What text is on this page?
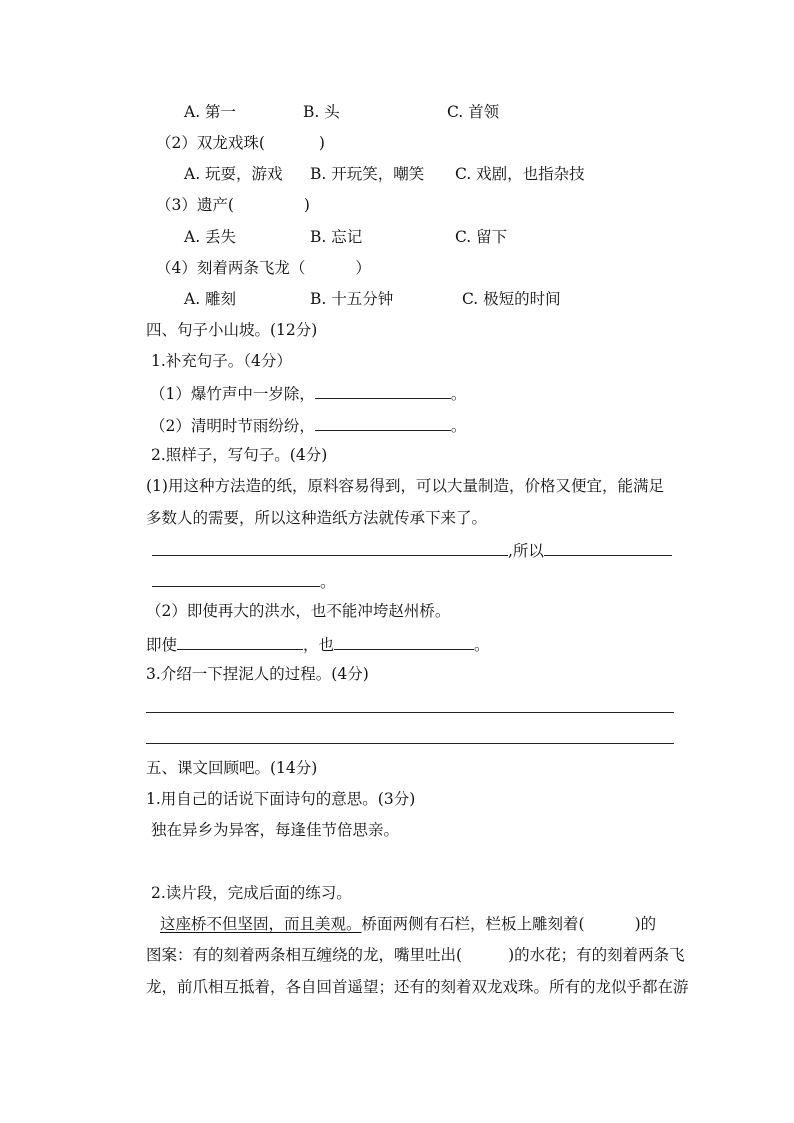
A. 第一	B. 头	C. 首领
（2）双龙戏珠(	)
A. 玩耍，游戏 B. 开玩笑，嘲笑 C. 戏剧，也指杂技
（3）遗产(	)
A. 丢失	B. 忘记	C. 留下
（4）刻着两条飞龙（	）
A. 雕刻	B. 十五分钟	C. 极短的时间
四、句子小山坡。(12分)
1.补充句子。（4分）
（1）爆竹声中一岁除，	。
（2）清明时节雨纷纷，	。
2.照样子，写句子。(4分)
(1)用这种方法造的纸，原料容易得到，可以大量制造，价格又便宜，能满足
多数人的需要，所以这种造纸方法就传承下来了。
,所以
。
（2）即使再大的洪水，也不能冲垮赵州桥。
即使	，也	。
3.介绍一下捏泥人的过程。(4分)
五、课文回顾吧。(14分)
1.用自己的话说下面诗句的意思。(3分)
独在异乡为异客，每逢佳节倍思亲。
2.读片段，完成后面的练习。
这座桥不但坚固，而且美观。桥面两侧有石栏，栏板上雕刻着(	)的
图案：有的刻着两条相互缠绕的龙，嘴里吐出(	)的水花；有的刻着两条飞
龙，前爪相互抵着，各自回首遥望；还有的刻着双龙戏珠。所有的龙似乎都在游
